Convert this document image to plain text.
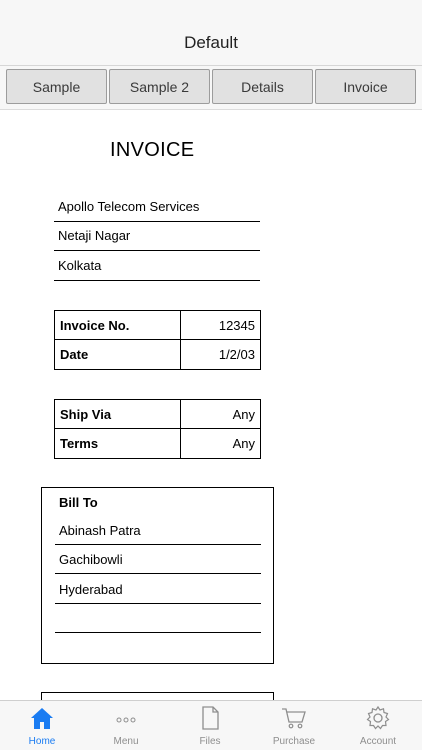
Default
Sample	Sample 2	Details	Invoice
INVOICE
Apollo Telecom Services
Netaji Nagar
Kolkata
Invoice No.	12345
Date	1/2/03
Ship Via	Any
Terms	Any
Bill To
Abinash Patra
Gachibowli
Hyderabad
Home	Menu	Files	Purchase	Account
